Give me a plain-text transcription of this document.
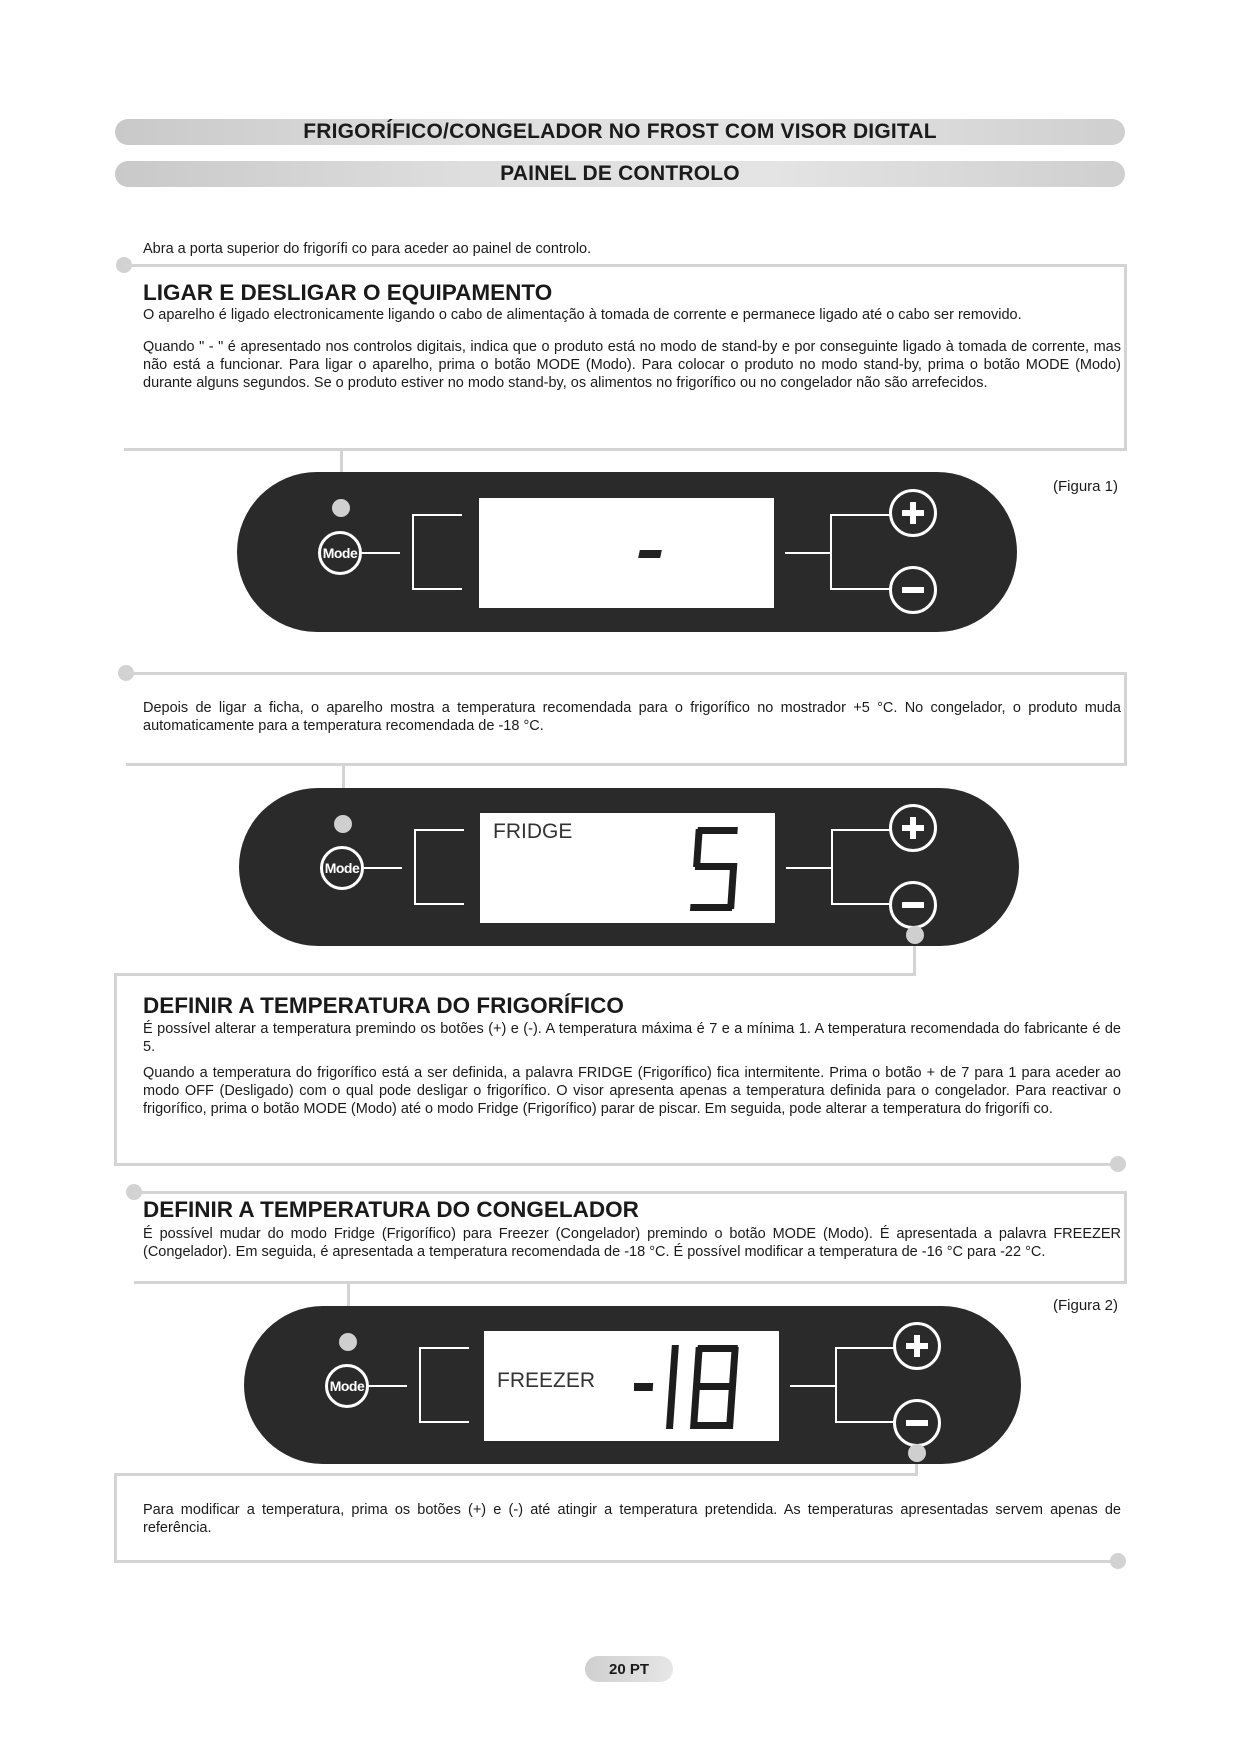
FRIGORÍFICO/CONGELADOR NO FROST COM VISOR DIGITAL
PAINEL DE CONTROLO
Abra a porta superior do frigorífi co para aceder ao painel de controlo.
LIGAR E DESLIGAR O EQUIPAMENTO
O aparelho é ligado electronicamente ligando o cabo de alimentação à tomada de corrente e permanece ligado até o cabo ser removido.
Quando " - " é apresentado nos controlos digitais, indica que o produto está no modo de stand-by e por conseguinte ligado à tomada de corrente, mas não está a funcionar. Para ligar o aparelho, prima o botão MODE (Modo). Para colocar o produto no modo stand-by, prima o botão MODE (Modo) durante alguns segundos. Se o produto estiver no modo stand-by, os alimentos no frigorífico ou no congelador não são arrefecidos.
(Figura 1)
Mode
Depois de ligar a ficha, o aparelho mostra a temperatura recomendada para o frigorífico no mostrador +5 °C. No congelador, o produto muda automaticamente para a temperatura recomendada de -18 °C.
Mode
FRIDGE
DEFINIR A TEMPERATURA DO FRIGORÍFICO
É possível alterar a temperatura premindo os botões (+) e (-). A temperatura máxima é 7 e a mínima 1. A temperatura recomendada do fabricante é de 5.
Quando a temperatura do frigorífico está a ser definida, a palavra FRIDGE (Frigorífico) fica intermitente. Prima o botão + de 7 para 1 para aceder ao modo OFF (Desligado) com o qual pode desligar o frigorífico. O visor apresenta apenas a temperatura definida para o congelador. Para reactivar o frigorífico, prima o botão MODE (Modo) até o modo Fridge (Frigorífico) parar de piscar. Em seguida, pode alterar a temperatura do frigorífi co.
DEFINIR A TEMPERATURA DO CONGELADOR
É possível mudar do modo Fridge (Frigorífico) para Freezer (Congelador) premindo o botão MODE (Modo). É apresentada a palavra FREEZER (Congelador). Em seguida, é apresentada a temperatura recomendada de -18 °C. É possível modificar a temperatura de -16 °C para -22 °C.
(Figura 2)
Mode	FREEZER
Para modificar a temperatura, prima os botões (+) e (-) até atingir a temperatura pretendida. As temperaturas apresentadas servem apenas de referência.
20 PT
